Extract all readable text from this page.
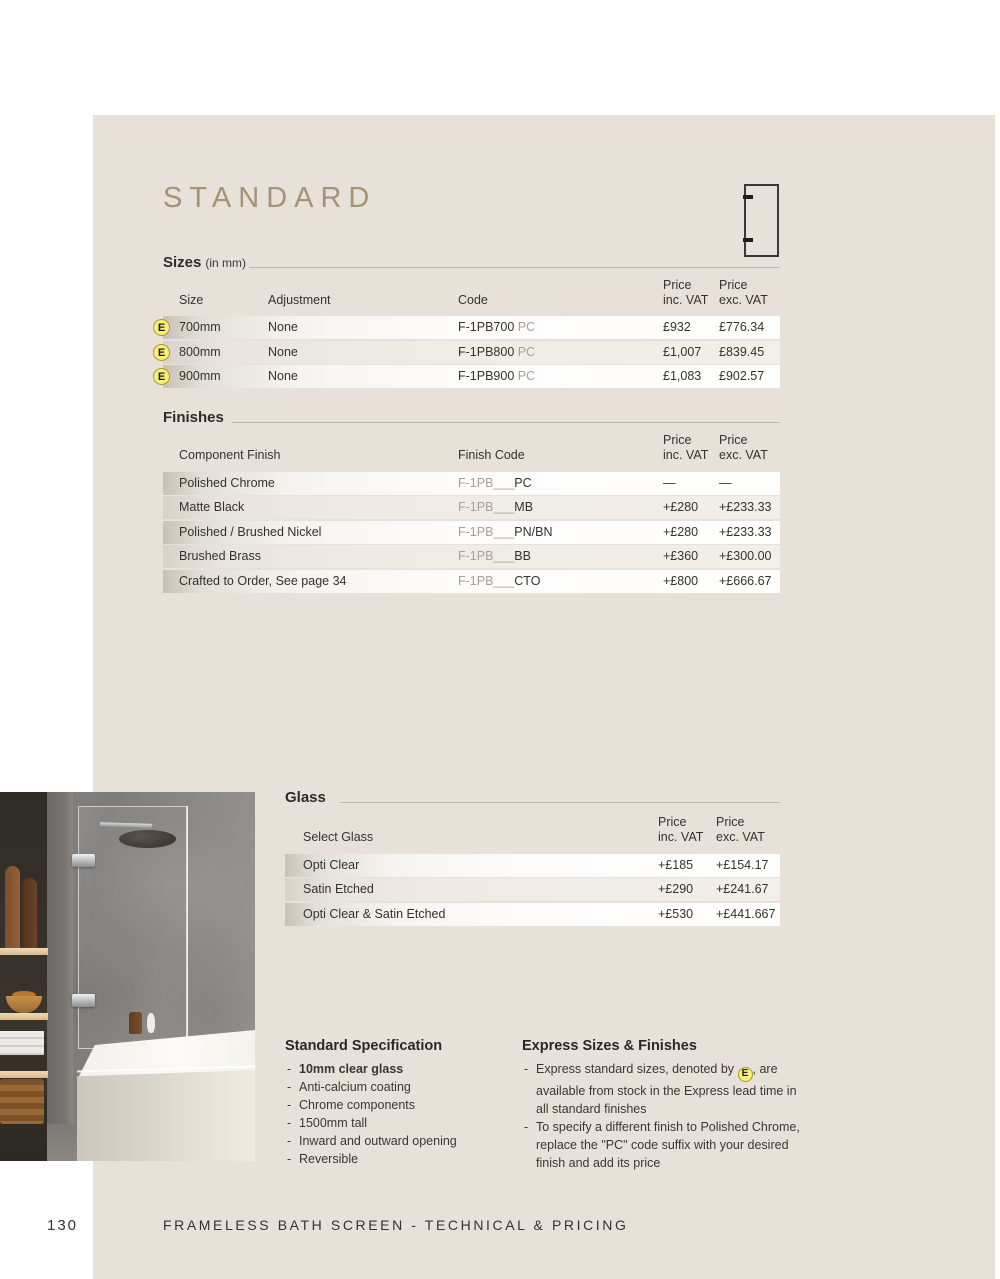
STANDARD
Sizes (in mm)
Size	Adjustment	Code
Price
inc. VAT
Price
exc. VAT
E	700mm	None	F-1PB700 PC	£932 £776.34
E	800mm	None	F-1PB800 PC	£1,007 £839.45
E	900mm	None	F-1PB900 PC	£1,083 £902.57
Finishes
Component Finish	Finish Code
Price
inc. VAT
Price
exc. VAT
Polished Chrome	F-1PB___PC	—	—
Matte Black	F-1PB___MB	+£280 +£233.33
Polished / Brushed Nickel	F-1PB___PN/BN	+£280 +£233.33
Brushed Brass	F-1PB___BB	+£360 +£300.00
Crafted to Order, See page 34	F-1PB___CTO	+£800 +£666.67
Glass
Select Glass
Price
inc. VAT
Price
exc. VAT
Opti Clear	+£185 +£154.17
Satin Etched	+£290 +£241.67
Opti Clear & Satin Etched	+£530 +£441.667
Standard Specification
- 10mm clear glass
- Anti-calcium coating
- Chrome components
- 1500mm tall
- Inward and outward opening
- Reversible
Express Sizes & Finishes
- Express standard sizes, denoted by E , are available from stock in the Express lead time in all standard finishes
- To specify a different finish to Polished Chrome, replace the "PC" code suffix with your desired finish and add its price
130	FRAMELESS BATH SCREEN - TECHNICAL & PRICING
